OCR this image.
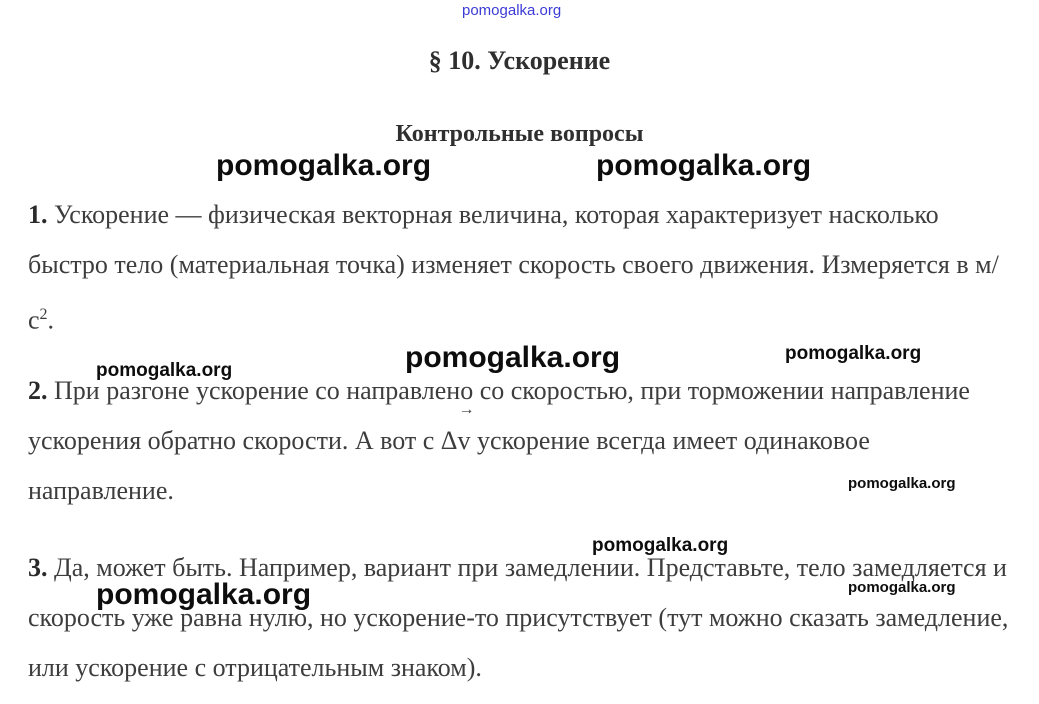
pomogalka.org
§ 10. Ускорение
Контрольные вопросы
pomogalka.org	pomogalka.org

1. Ускорение — физическая векторная величина, которая характеризует насколько быстро тело (материальная точка) изменяет скорость своего движения. Измеряется в $м/с^2$.

pomogalka.org	pomogalka.org	pomogalka.org

2. При разгоне ускорение со направлено со скоростью, при торможении направление ускорения обратно скорости. А вот с Δ
→
v ускорение всегда имеет одинаковое направление.	pomogalka.org
pomogalka.org

3. Да, может быть. Например, вариант при замедлении. Представьте, тело замедляется и скорость уже равна нулю, но ускорение-то присутствует (тут можно сказать замедление, или ускорение с отрицательным знаком).

pomogalka.org
pomogalka.org
